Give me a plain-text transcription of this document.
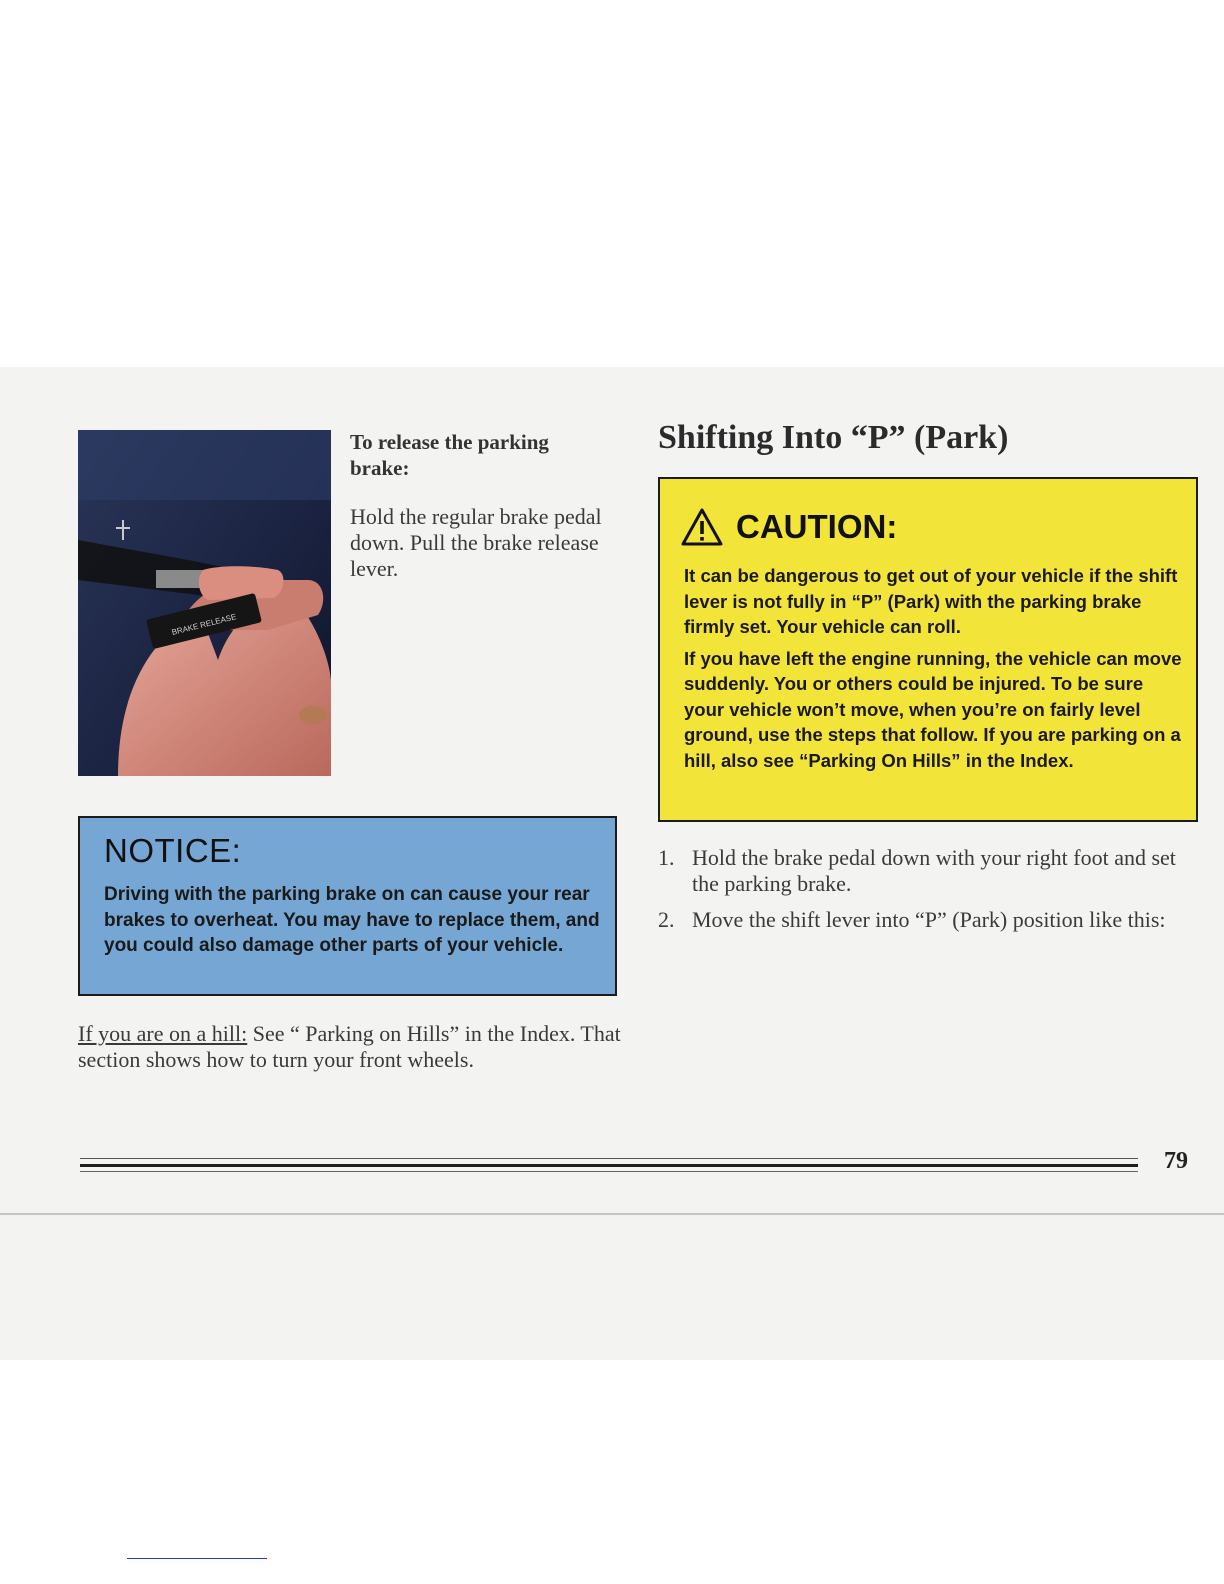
BRAKE RELEASE
To release the parking brake:
Hold the regular brake pedal down. Pull the brake release lever.
NOTICE:
Driving with the parking brake on can cause your rear brakes to overheat. You may have to replace them, and you could also damage other parts of your vehicle.
If you are on a hill: See “ Parking on Hills” in the Index. That section shows how to turn your front wheels.
Shifting Into “P” (Park)
CAUTION:

It can be dangerous to get out of your vehicle if the shift lever is not fully in “P” (Park) with the parking brake firmly set. Your vehicle can roll.

If you have left the engine running, the vehicle can move suddenly. You or others could be injured. To be sure your vehicle won’t move, when you’re on fairly level ground, use the steps that follow. If you are parking on a hill, also see “Parking On Hills” in the Index.

1. Hold the brake pedal down with your right foot and set the parking brake.
2. Move the shift lever into “P” (Park) position like this:
79
